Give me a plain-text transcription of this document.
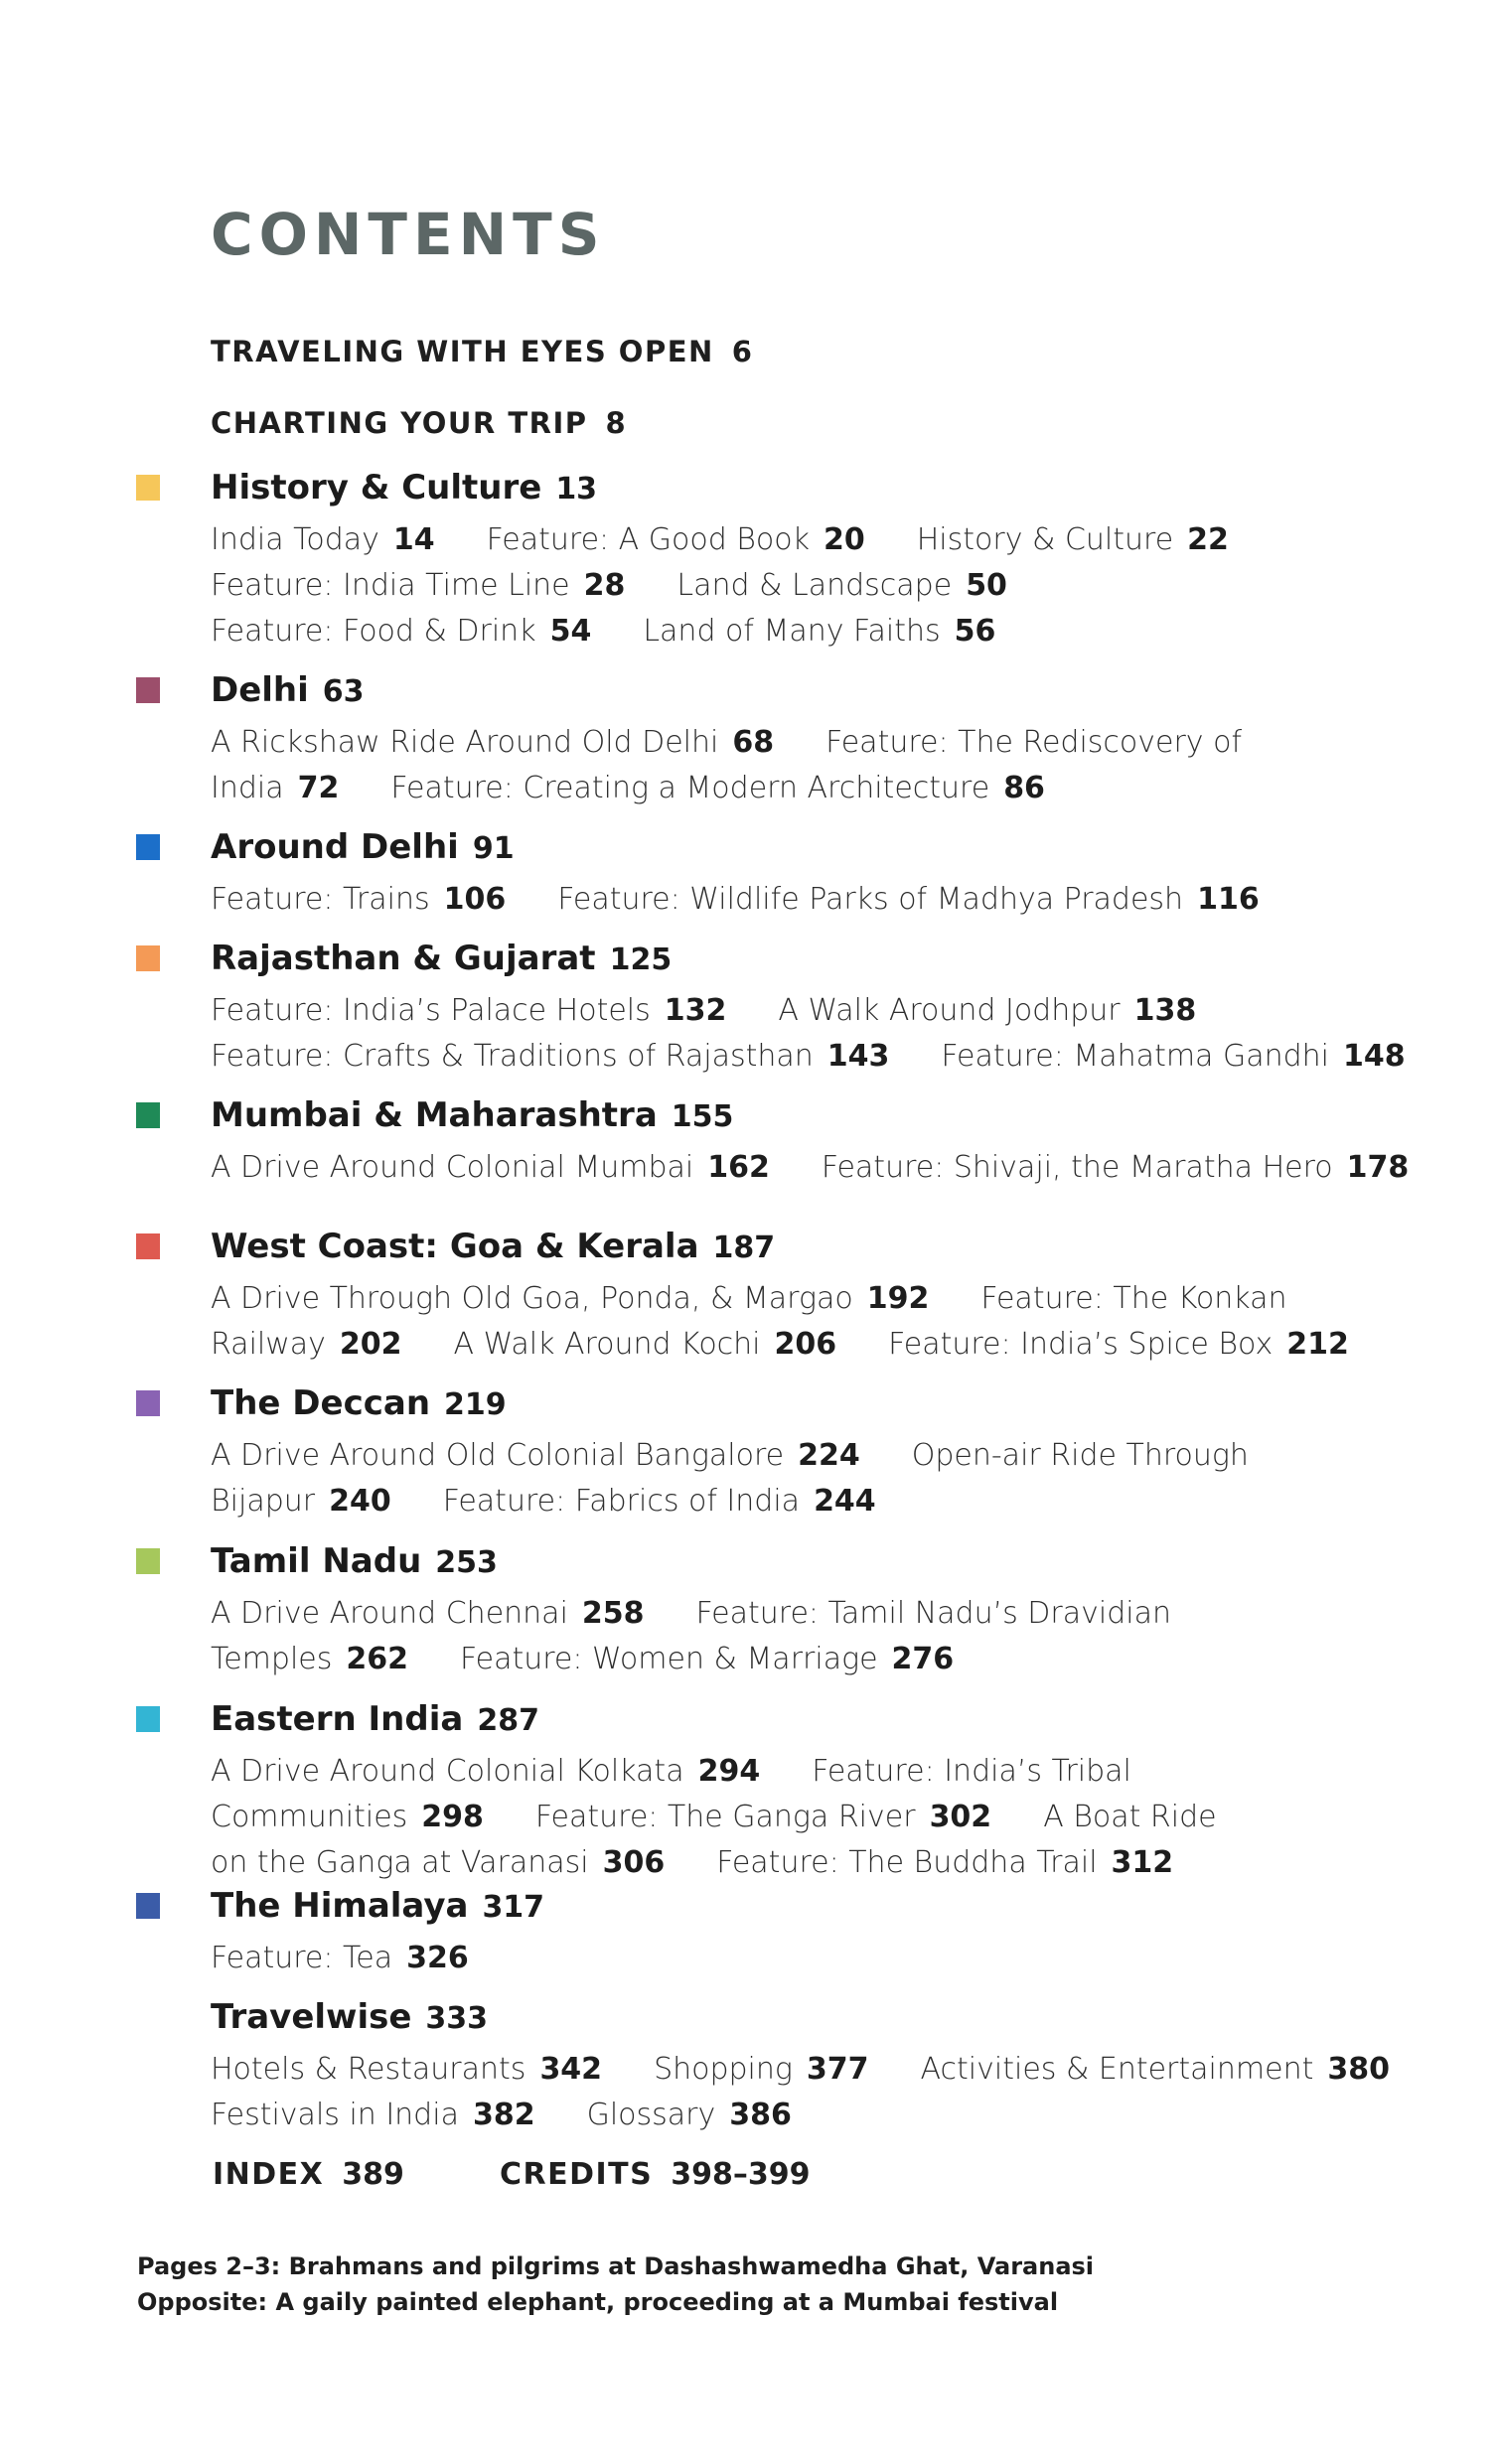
CONTENTS
TRAVELING WITH EYES OPEN 6
CHARTING YOUR TRIP 8
History & Culture 13
India Today 14 Feature: A Good Book 20 History & Culture 22
Feature: India Time Line 28 Land & Landscape 50
Feature: Food & Drink 54 Land of Many Faiths 56
Delhi 63
A Rickshaw Ride Around Old Delhi 68 Feature: The Rediscovery of
India 72 Feature: Creating a Modern Architecture 86
Around Delhi 91
Feature: Trains 106 Feature: Wildlife Parks of Madhya Pradesh 116
Rajasthan & Gujarat 125
Feature: India’s Palace Hotels 132 A Walk Around Jodhpur 138
Feature: Crafts & Traditions of Rajasthan 143 Feature: Mahatma Gandhi 148
Mumbai & Maharashtra 155
A Drive Around Colonial Mumbai 162 Feature: Shivaji, the Maratha Hero 178
West Coast: Goa & Kerala 187
A Drive Through Old Goa, Ponda, & Margao 192 Feature: The Konkan
Railway 202 A Walk Around Kochi 206 Feature: India’s Spice Box 212
The Deccan 219
A Drive Around Old Colonial Bangalore 224 Open-air Ride Through
Bijapur 240 Feature: Fabrics of India 244
Tamil Nadu 253
A Drive Around Chennai 258 Feature: Tamil Nadu’s Dravidian
Temples 262 Feature: Women & Marriage 276
Eastern India 287
A Drive Around Colonial Kolkata 294 Feature: India’s Tribal
Communities 298 Feature: The Ganga River 302 A Boat Ride
on the Ganga at Varanasi 306 Feature: The Buddha Trail 312
The Himalaya 317
Feature: Tea 326
Travelwise 333
Hotels & Restaurants 342 Shopping 377 Activities & Entertainment 380
Festivals in India 382 Glossary 386
INDEX 389	CREDITS 398–399
Pages 2–3: Brahmans and pilgrims at Dashashwamedha Ghat, Varanasi
Opposite: A gaily painted elephant, proceeding at a Mumbai festival
